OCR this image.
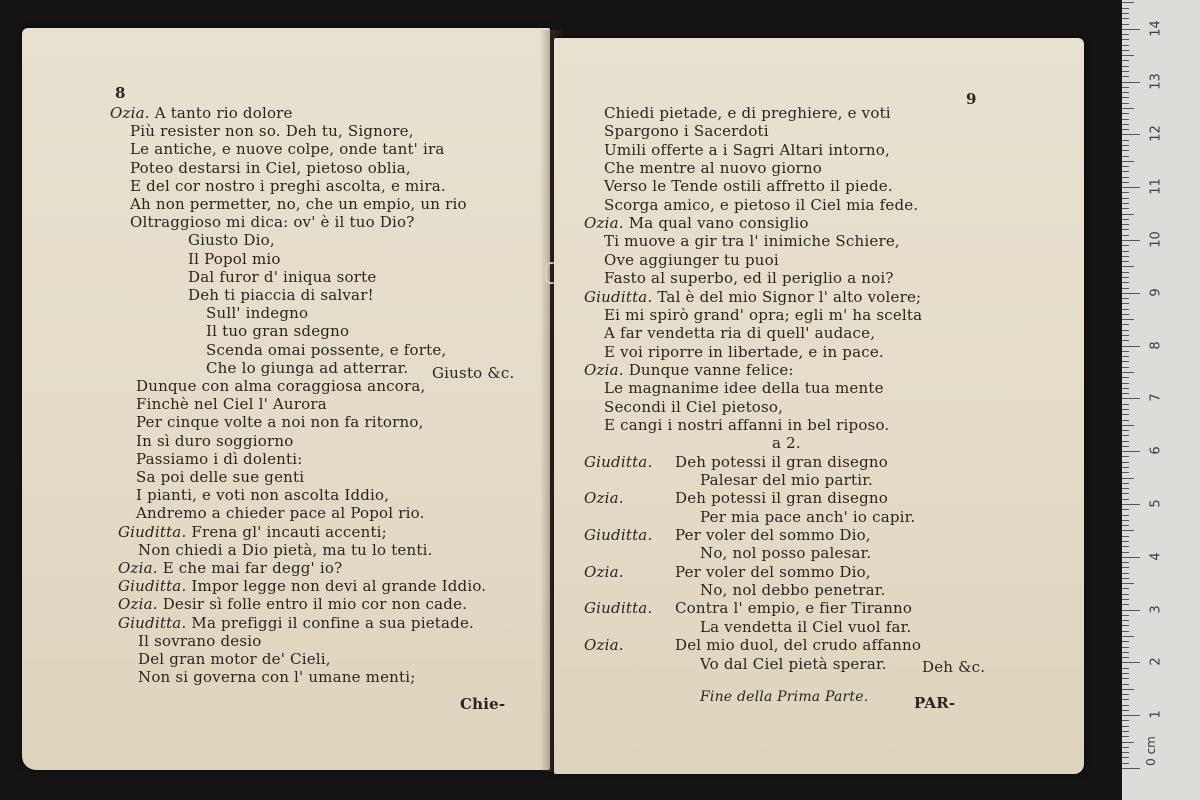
8
Ozia. A tanto rio dolore
Più resister non so. Deh tu, Signore,
Le antiche, e nuove colpe, onde tant' ira
Poteo destarsi in Ciel, pietoso oblia,
E del cor nostro i preghi ascolta, e mira.
Ah non permetter, no, che un empio, un rio
Oltraggioso mi dica: ov' è il tuo Dio?
Giusto Dio,
Il Popol mio
Dal furor d' iniqua sorte
Deh ti piaccia di salvar!
Sull' indegno
Il tuo gran sdegno
Scenda omai possente, e forte,
Che lo giunga ad atterrar.
Dunque con alma coraggiosa ancora,
Finchè nel Ciel l' Aurora
Per cinque volte a noi non fa ritorno,
In sì duro soggiorno
Passiamo i dì dolenti:
Sa poi delle sue genti
I pianti, e voti non ascolta Iddio,
Andremo a chieder pace al Popol rio.
Giuditta. Frena gl' incauti accenti;
Non chiedi a Dio pietà, ma tu lo tenti.
Ozia. E che mai far degg' io?
Giuditta. Impor legge non devi al grande Iddio.
Ozia. Desir sì folle entro il mio cor non cade.
Giuditta. Ma prefiggi il confine a sua pietade.
Il sovrano desio
Del gran motor de' Cieli,
Non si governa con l' umane menti;
Giusto &c.
Chie-
9
Chiedi pietade, e di preghiere, e voti
Spargono i Sacerdoti
Umili offerte a i Sagri Altari intorno,
Che mentre al nuovo giorno
Verso le Tende ostili affretto il piede.
Scorga amico, e pietoso il Ciel mia fede.
Ozia. Ma qual vano consiglio
Ti muove a gir tra l' inimiche Schiere,
Ove aggiunger tu puoi
Fasto al superbo, ed il periglio a noi?
Giuditta. Tal è del mio Signor l' alto volere;
Ei mi spirò grand' opra; egli m' ha scelta
A far vendetta ria di quell' audace,
E voi riporre in libertade, e in pace.
Ozia. Dunque vanne felice:
Le magnanime idee della tua mente
Secondi il Ciel pietoso,
E cangi i nostri affanni in bel riposo.
a 2.
Giuditta. Deh potessi il gran disegno
Palesar del mio partir.
Ozia.	Deh potessi il gran disegno
Per mia pace anch' io capir.
Giuditta. Per voler del sommo Dio,
No, nol posso palesar.
Ozia.	Per voler del sommo Dio,
No, nol debbo penetrar.
Giuditta. Contra l' empio, e fier Tiranno
La vendetta il Ciel vuol far.
Ozia.	Del mio duol, del crudo affanno
Vo dal Ciel pietà sperar. Deh &c.
Fine della Prima Parte.	PAR-
1
2
3
4
5
6
7
8
9
10
11
12
13
14
0 cm
